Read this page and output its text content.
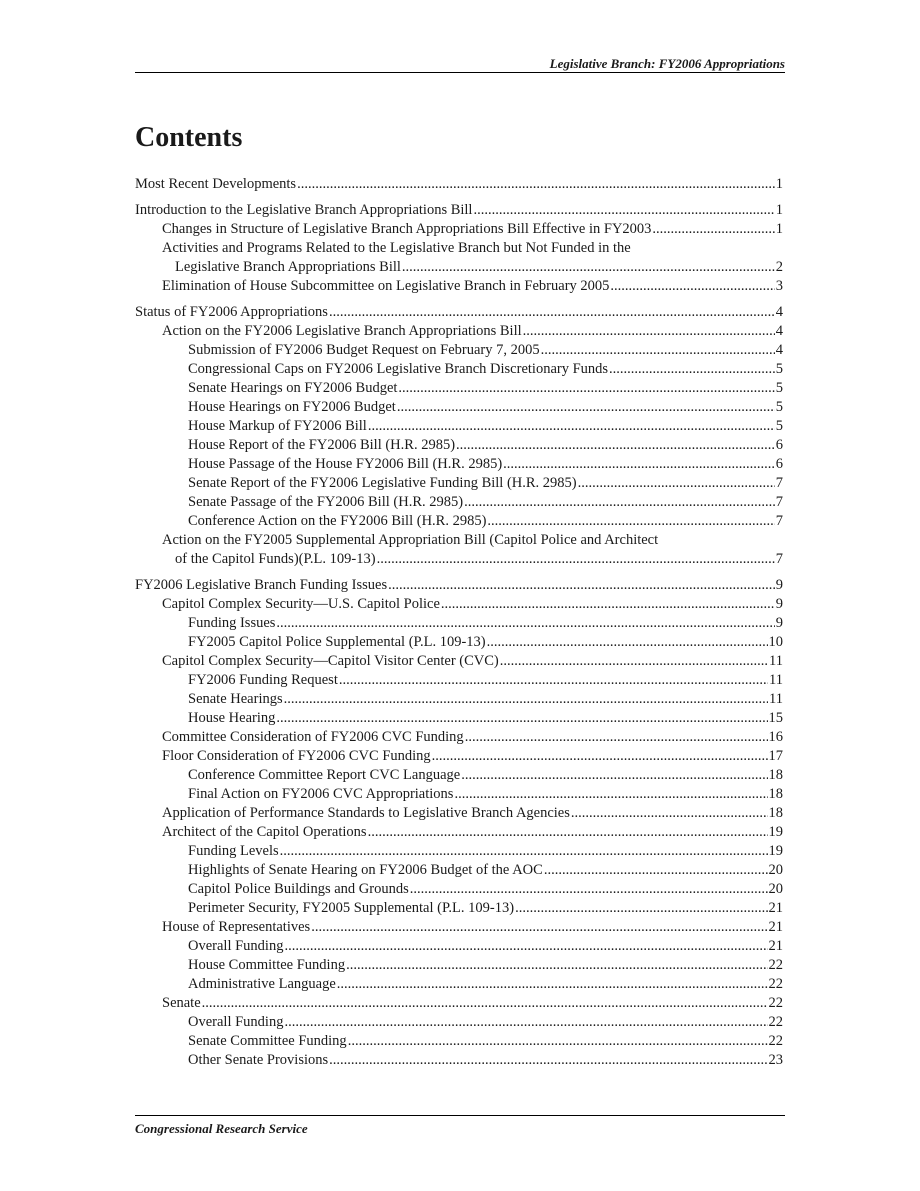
Legislative Branch: FY2006 Appropriations
Contents
Most Recent Developments .....	1
Introduction to the Legislative Branch Appropriations Bill .....	1
Changes in Structure of Legislative Branch Appropriations Bill Effective in FY2003 .....	1
Activities and Programs Related to the Legislative Branch but Not Funded in the
Legislative Branch Appropriations Bill .....	2
Elimination of House Subcommittee on Legislative Branch in February 2005 .....	3
Status of FY2006 Appropriations .....	4
Action on the FY2006 Legislative Branch Appropriations Bill .....	4
Submission of FY2006 Budget Request on February 7, 2005 .....	4
Congressional Caps on FY2006 Legislative Branch Discretionary Funds .....	5
Senate Hearings on FY2006 Budget .....	5
House Hearings on FY2006 Budget .....	5
House Markup of FY2006 Bill .....	5
House Report of the FY2006 Bill (H.R. 2985) .....	6
House Passage of the House FY2006 Bill (H.R. 2985) .....	6
Senate Report of the FY2006 Legislative Funding Bill (H.R. 2985) .....	7
Senate Passage of the FY2006 Bill (H.R. 2985) .....	7
Conference Action on the FY2006 Bill (H.R. 2985) .....	7
Action on the FY2005 Supplemental Appropriation Bill (Capitol Police and Architect
of the Capitol Funds)(P.L. 109-13) .....	7
FY2006 Legislative Branch Funding Issues .....	9
Capitol Complex Security—U.S. Capitol Police .....	9
Funding Issues .....	9
FY2005 Capitol Police Supplemental (P.L. 109-13) .....	10
Capitol Complex Security—Capitol Visitor Center (CVC) .....	11
FY2006 Funding Request .....	11
Senate Hearings .....	11
House Hearing .....	15
Committee Consideration of FY2006 CVC Funding .....	16
Floor Consideration of FY2006 CVC Funding .....	17
Conference Committee Report CVC Language .....	18
Final Action on FY2006 CVC Appropriations .....	18
Application of Performance Standards to Legislative Branch Agencies .....	18
Architect of the Capitol Operations .....	19
Funding Levels .....	19
Highlights of Senate Hearing on FY2006 Budget of the AOC .....	20
Capitol Police Buildings and Grounds .....	20
Perimeter Security, FY2005 Supplemental (P.L. 109-13) .....	21
House of Representatives .....	21
Overall Funding .....	21
House Committee Funding .....	22
Administrative Language .....	22
Senate .....	22
Overall Funding .....	22
Senate Committee Funding .....	22
Other Senate Provisions .....	23
Congressional Research Service
